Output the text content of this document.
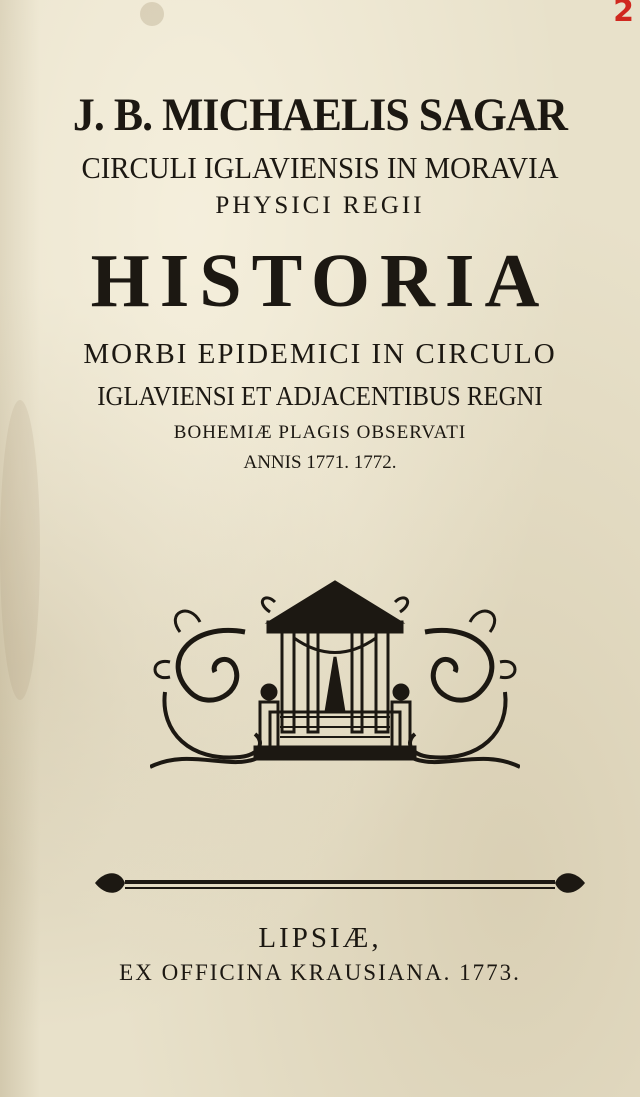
2
J. B. MICHAELIS SAGAR
CIRCULI IGLAVIENSIS IN MORAVIA
PHYSICI REGII
HISTORIA
MORBI EPIDEMICI IN CIRCULO
IGLAVIENSI ET ADJACENTIBUS REGNI
BOHEMIÆ PLAGIS OBSERVATI
ANNIS 1771. 1772.
LIPSIÆ,
EX OFFICINA KRAUSIANA. 1773.
